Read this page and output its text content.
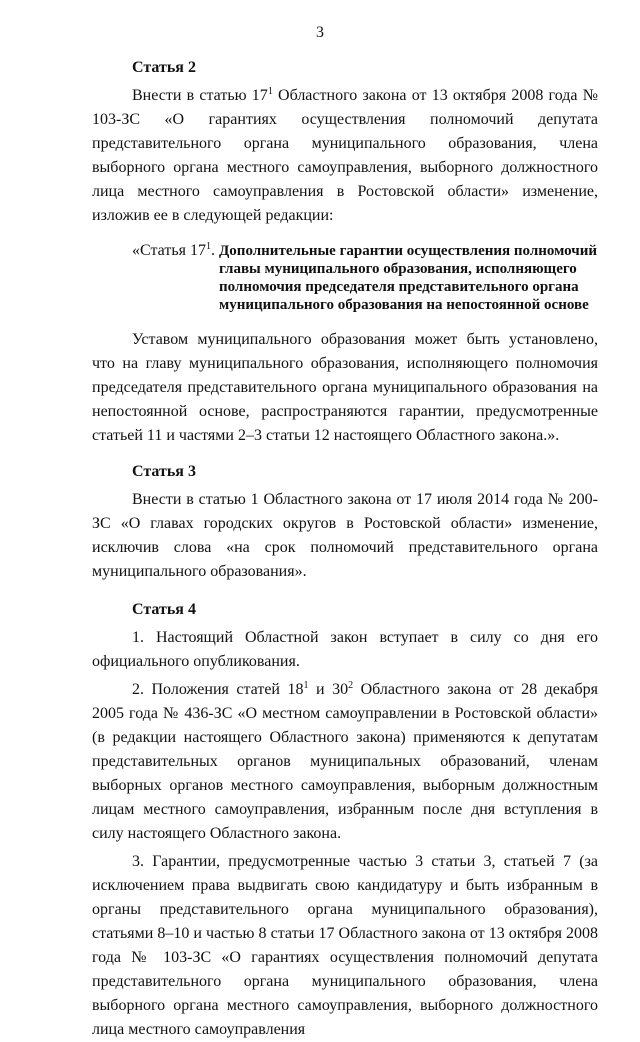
3
Статья 2

Внести в статью $17^1$ Областного закона от 13 октября 2008 года № 103-ЗС «О гарантиях осуществления полномочий депутата представительного органа муниципального образования, члена выборного органа местного самоуправления, выборного должностного лица местного самоуправления в Ростовской области» изменение, изложив ее в следующей редакции:

«Статья $17^1$. Дополнительные гарантии осуществления полномочий главы муниципального образования, исполняющего полномочия председателя представительного органа муниципального образования на непостоянной основе

Уставом муниципального образования может быть установлено, что на главу муниципального образования, исполняющего полномочия председателя представительного органа муниципального образования на непостоянной основе, распространяются гарантии, предусмотренные статьей 11 и частями 2–3 статьи 12 настоящего Областного закона.».

Статья 3

Внести в статью 1 Областного закона от 17 июля 2014 года № 200-ЗС «О главах городских округов в Ростовской области» изменение, исключив слова «на срок полномочий представительного органа муниципального образования».

Статья 4

1. Настоящий Областной закон вступает в силу со дня его официального опубликования.

2. Положения статей $18^1$ и $30^2$ Областного закона от 28 декабря 2005 года № 436-ЗС «О местном самоуправлении в Ростовской области» (в редакции настоящего Областного закона) применяются к депутатам представительных органов муниципальных образований, членам выборных органов местного самоуправления, выборным должностным лицам местного самоуправления, избранным после дня вступления в силу настоящего Областного закона.

3. Гарантии, предусмотренные частью 3 статьи 3, статьей 7 (за исключением права выдвигать свою кандидатуру и быть избранным в органы представительного органа муниципального образования), статьями 8–10 и частью 8 статьи 17 Областного закона от 13 октября 2008 года № 103-ЗС «О гарантиях осуществления полномочий депутата представительного органа муниципального образования, члена выборного органа местного самоуправления, выборного должностного лица местного самоуправления
